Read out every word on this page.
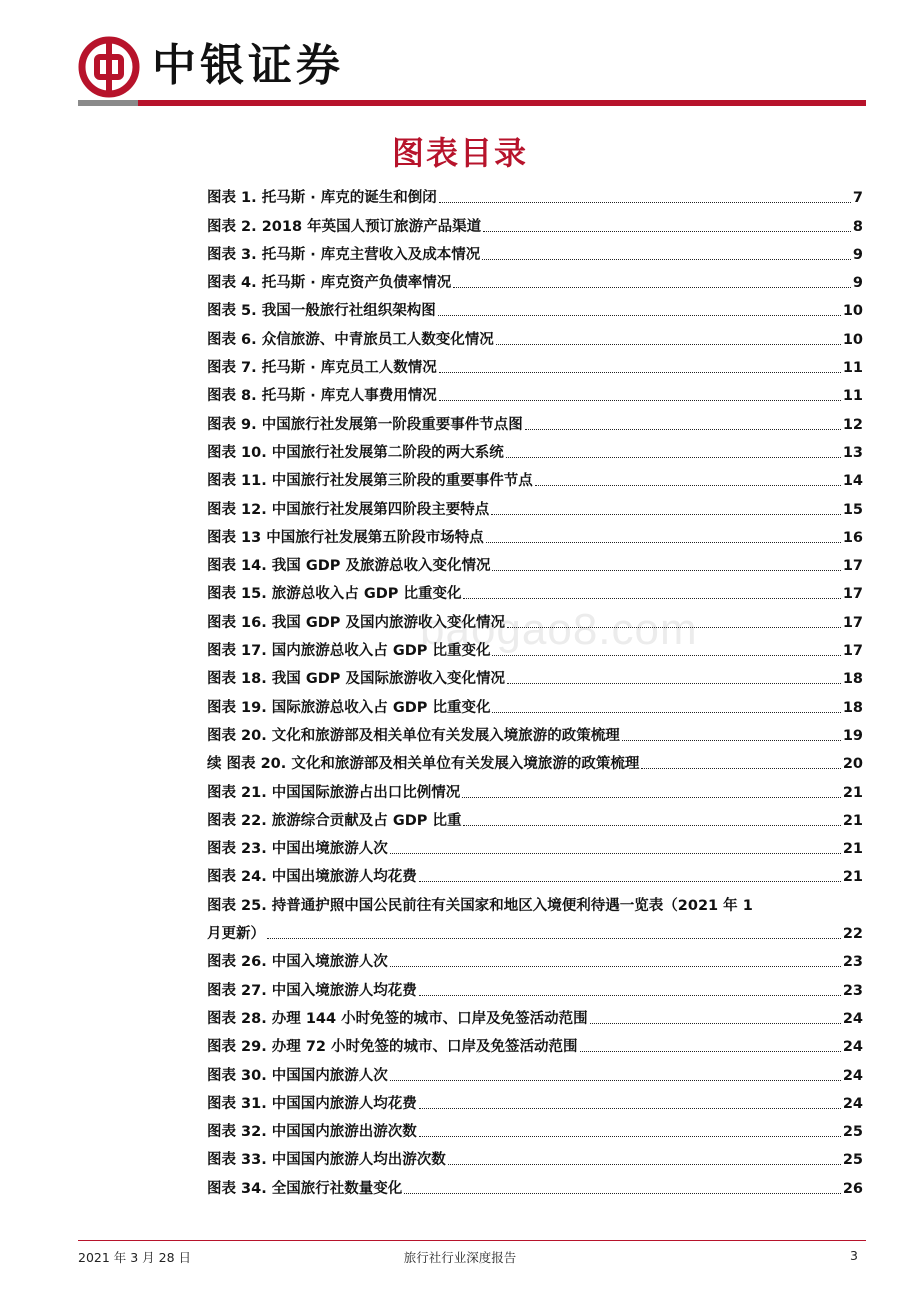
中银证券
图表目录
baogao8.com
图表 1. 托马斯 · 库克的诞生和倒闭	7
图表 2. 2018 年英国人预订旅游产品渠道	8
图表 3. 托马斯 · 库克主营收入及成本情况	9
图表 4. 托马斯 · 库克资产负债率情况	9
图表 5. 我国一般旅行社组织架构图	10
图表 6. 众信旅游、中青旅员工人数变化情况	10
图表 7. 托马斯 · 库克员工人数情况	11
图表 8. 托马斯 · 库克人事费用情况	11
图表 9. 中国旅行社发展第一阶段重要事件节点图	12
图表 10. 中国旅行社发展第二阶段的两大系统	13
图表 11. 中国旅行社发展第三阶段的重要事件节点	14
图表 12. 中国旅行社发展第四阶段主要特点	15
图表 13 中国旅行社发展第五阶段市场特点	16
图表 14. 我国 GDP 及旅游总收入变化情况	17
图表 15. 旅游总收入占 GDP 比重变化	17
图表 16. 我国 GDP 及国内旅游收入变化情况	17
图表 17. 国内旅游总收入占 GDP 比重变化	17
图表 18. 我国 GDP 及国际旅游收入变化情况	18
图表 19. 国际旅游总收入占 GDP 比重变化	18
图表 20. 文化和旅游部及相关单位有关发展入境旅游的政策梳理	19
续 图表 20. 文化和旅游部及相关单位有关发展入境旅游的政策梳理	20
图表 21. 中国国际旅游占出口比例情况	21
图表 22. 旅游综合贡献及占 GDP 比重	21
图表 23. 中国出境旅游人次	21
图表 24. 中国出境旅游人均花费	21
图表 25. 持普通护照中国公民前往有关国家和地区入境便利待遇一览表（2021 年 1
月更新）	22
图表 26. 中国入境旅游人次	23
图表 27. 中国入境旅游人均花费	23
图表 28. 办理 144 小时免签的城市、口岸及免签活动范围	24
图表 29. 办理 72 小时免签的城市、口岸及免签活动范围	24
图表 30. 中国国内旅游人次	24
图表 31. 中国国内旅游人均花费	24
图表 32. 中国国内旅游出游次数	25
图表 33. 中国国内旅游人均出游次数	25
图表 34. 全国旅行社数量变化	26
2021 年 3 月 28 日	旅行社行业深度报告	3
